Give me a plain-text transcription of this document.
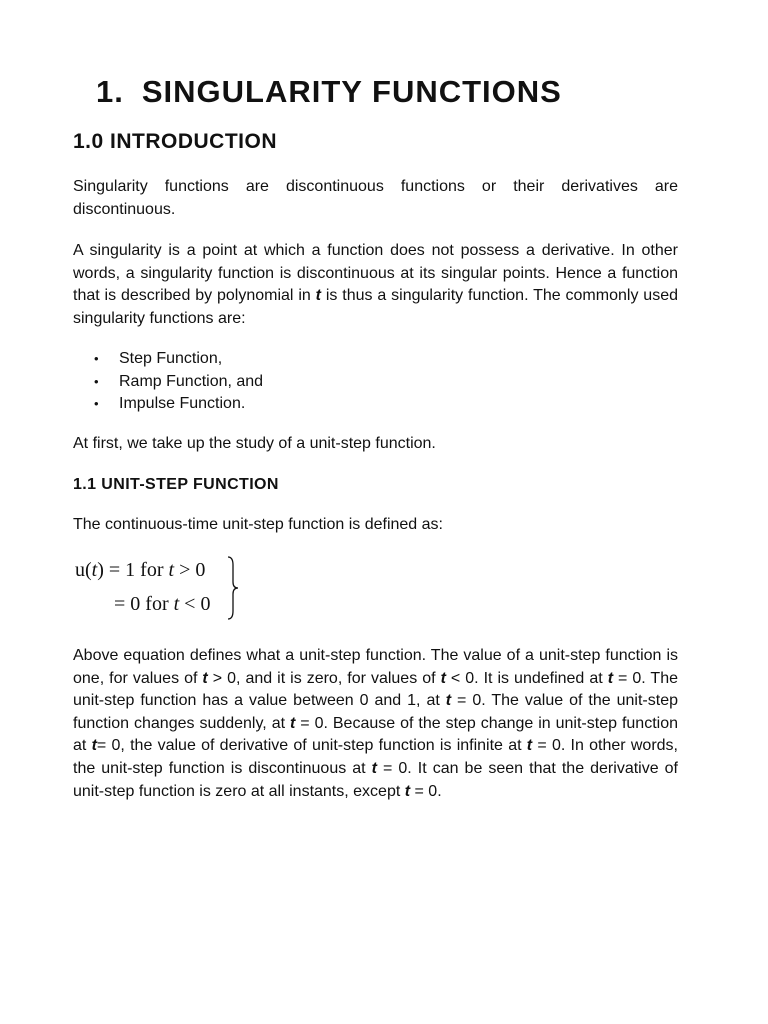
1. SINGULARITY FUNCTIONS
1.0 INTRODUCTION

Singularity functions are discontinuous functions or their derivatives are discontinuous.

A singularity is a point at which a function does not possess a derivative. In other words, a singularity function is discontinuous at its singular points. Hence a function that is described by polynomial in t is thus a singularity function. The commonly used singularity functions are:

• Step Function,
• Ramp Function, and
• Impulse Function.

At first, we take up the study of a unit-step function.

1.1 UNIT-STEP FUNCTION

The continuous-time unit-step function is defined as:

u(t) = 1 for t > 0
= 0 for t < 0

Above equation defines what a unit-step function. The value of a unit-step function is one, for values of t > 0, and it is zero, for values of t < 0. It is undefined at t = 0. The unit-step function has a value between 0 and 1, at t = 0. The value of the unit-step function changes suddenly, at t = 0. Because of the step change in unit-step function at t= 0, the value of derivative of unit-step function is infinite at t = 0. In other words, the unit-step function is discontinuous at t = 0. It can be seen that the derivative of unit-step function is zero at all instants, except t = 0.
